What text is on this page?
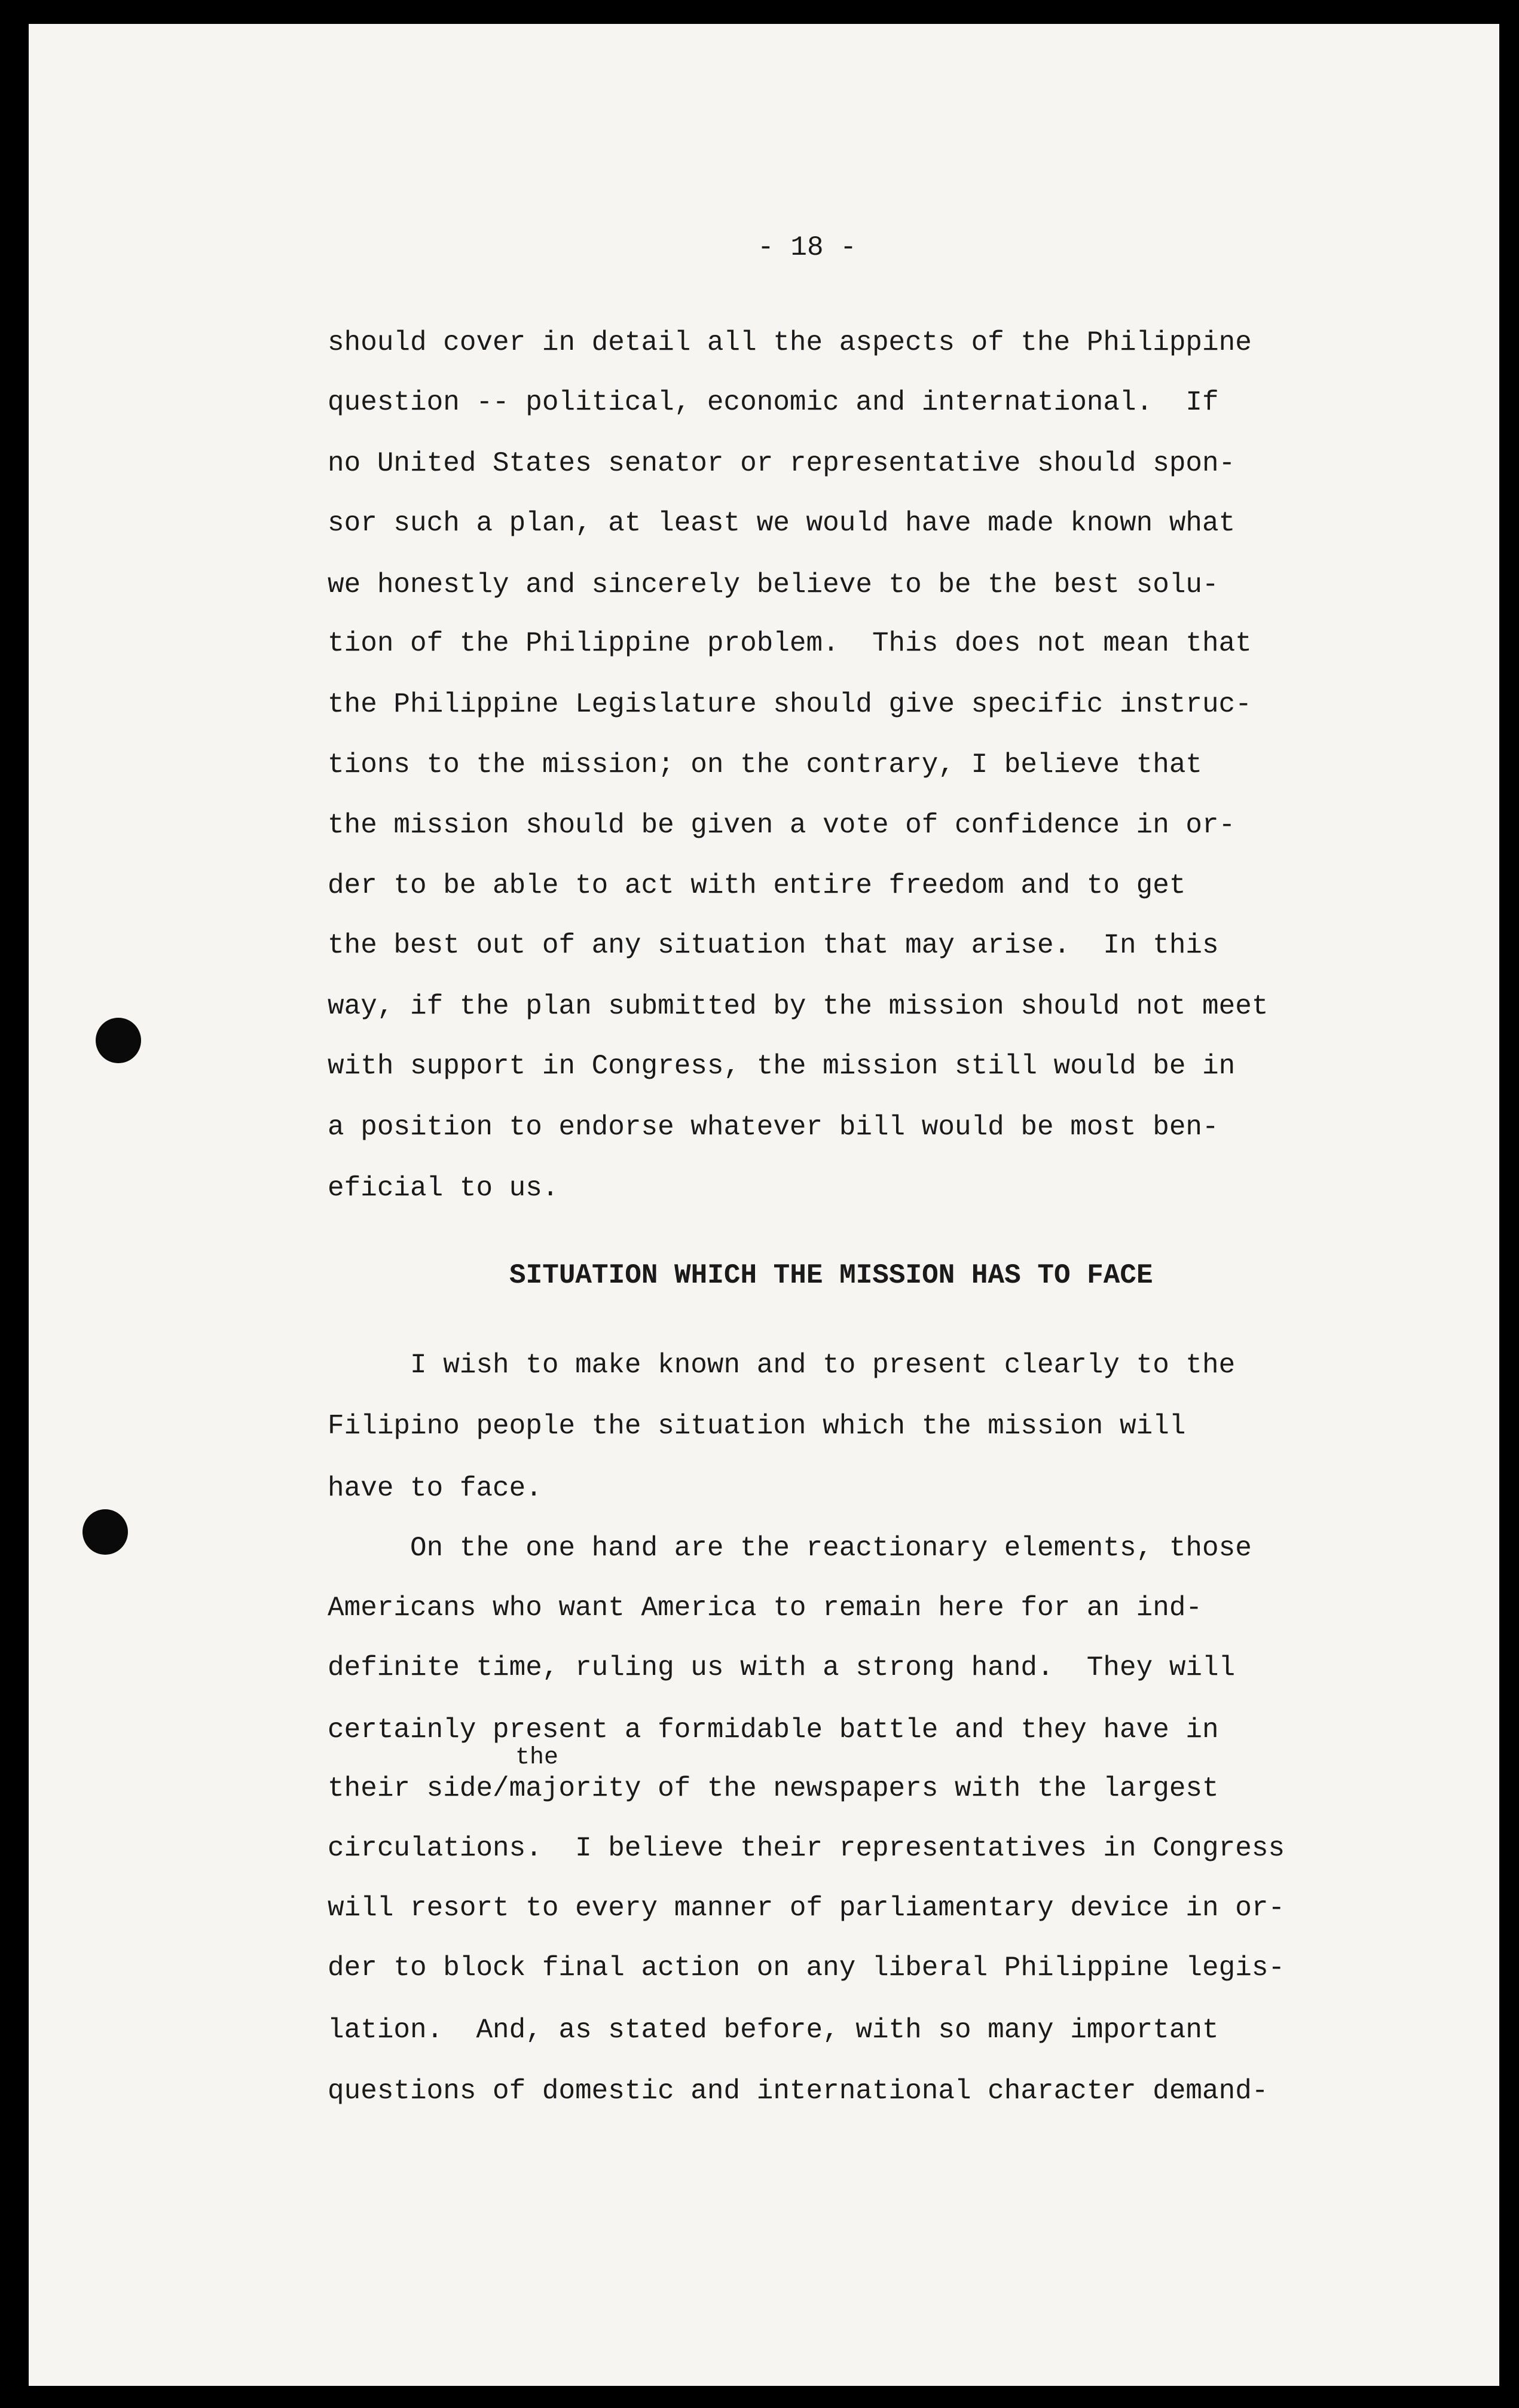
- 18 -

should cover in detail all the aspects of the Philippine

question -- political, economic and international.  If

no United States senator or representative should spon-

sor such a plan, at least we would have made known what

we honestly and sincerely believe to be the best solu-

tion of the Philippine problem.  This does not mean that

the Philippine Legislature should give specific instruc-

tions to the mission; on the contrary, I believe that

the mission should be given a vote of confidence in or-

der to be able to act with entire freedom and to get

the best out of any situation that may arise.  In this

way, if the plan submitted by the mission should not meet

with support in Congress, the mission still would be in

a position to endorse whatever bill would be most ben-

eficial to us.

SITUATION WHICH THE MISSION HAS TO FACE

I wish to make known and to present clearly to the

Filipino people the situation which the mission will

have to face.

On the one hand are the reactionary elements, those

Americans who want America to remain here for an ind-

definite time, ruling us with a strong hand.  They will

certainly present a formidable battle and they have in

the

their side/majority of the newspapers with the largest

circulations.  I believe their representatives in Congress

will resort to every manner of parliamentary device in or-

der to block final action on any liberal Philippine legis-

lation.  And, as stated before, with so many important

questions of domestic and international character demand-
